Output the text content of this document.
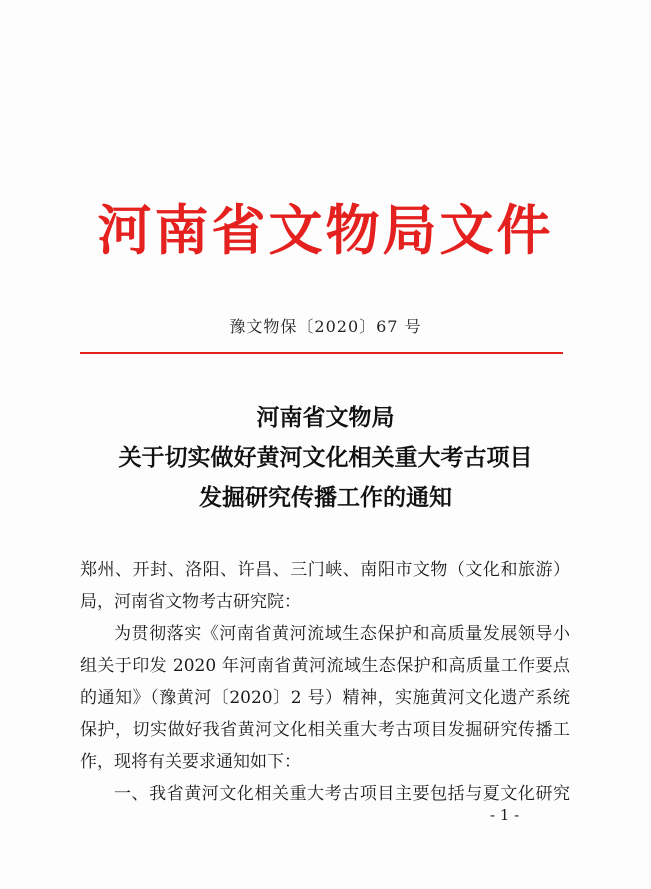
河南省文物局文件
豫文物保〔2020〕67 号
河南省文物局
关于切实做好黄河文化相关重大考古项目
发掘研究传播工作的通知
郑州、开封、洛阳、许昌、三门峡、南阳市文物（文化和旅游）
局，河南省文物考古研究院：
为贯彻落实《河南省黄河流域生态保护和高质量发展领导小
组关于印发 2020 年河南省黄河流域生态保护和高质量工作要点
的通知》（豫黄河〔2020〕2 号）精神，实施黄河文化遗产系统
保护，切实做好我省黄河文化相关重大考古项目发掘研究传播工
作，现将有关要求通知如下：
一、我省黄河文化相关重大考古项目主要包括与夏文化研究
- 1 -
